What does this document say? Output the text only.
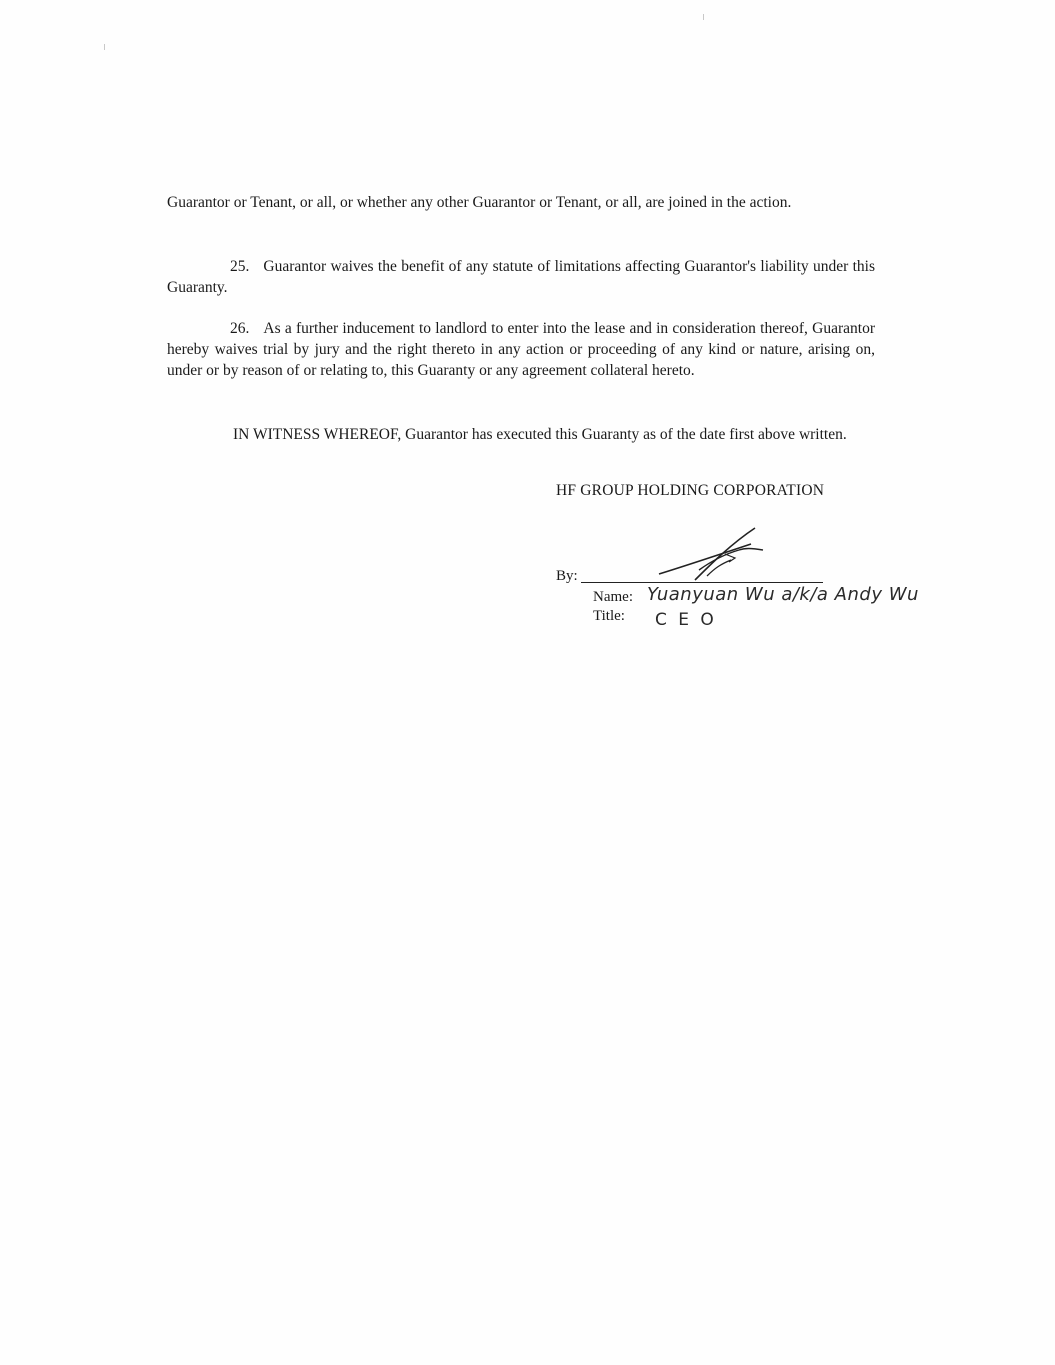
Guarantor or Tenant, or all, or whether any other Guarantor or Tenant, or all, are joined in the action.

25. Guarantor waives the benefit of any statute of limitations affecting Guarantor's liability under this Guaranty.

26. As a further inducement to landlord to enter into the lease and in consideration thereof, Guarantor hereby waives trial by jury and the right thereto in any action or proceeding of any kind or nature, arising on, under or by reason of or relating to, this Guaranty or any agreement collateral hereto.

IN WITNESS WHEREOF, Guarantor has executed this Guaranty as of the date first above written.

HF GROUP HOLDING CORPORATION
By:
Name: Yuanyuan Wu a/k/a Andy Wu
Title: C E O
